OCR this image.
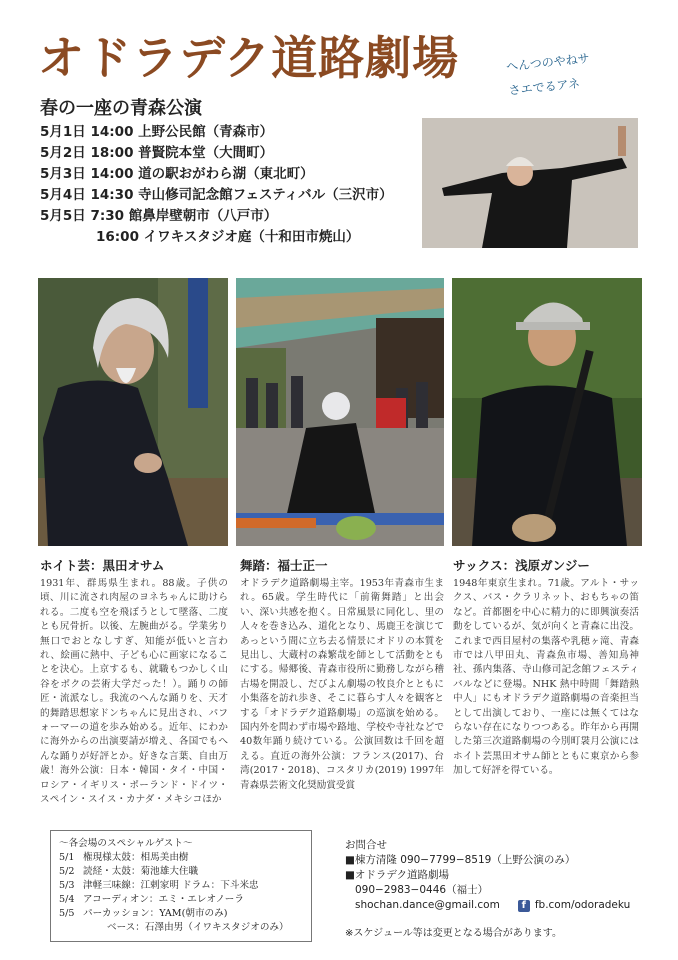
オドラデク道路劇場	へんつのやねサ
さエでるアネ
春の一座の青森公演
5月1日 14:00 上野公民館（青森市）
5月2日 18:00 普賢院本堂（大間町）
5月3日 14:00 道の駅おがわら湖（東北町）
5月4日 14:30 寺山修司記念館フェスティバル（三沢市）
5月5日 7:30 館鼻岸壁朝市（八戸市）
16:00 イワキスタジオ庭（十和田市焼山）
ホイト芸：黒田オサム

1931年、群馬県生まれ。88歳。子供の頃、川に流され肉屋のヨネちゃんに助けられる。二度も空を飛ぼうとして墜落、二度とも尻骨折。以後、左腕曲がる。学業劣り無口でおとなしすぎ、知能が低いと言われ、絵画に熱中、子ども心に画家になることを決心。上京するも、就職もつかしく山谷をボクの芸術大学だった！）。踊りの師匠・流派なし。我流のへんな踊りを、天才的舞踏思想家ドンちゃんに見出され、パフォーマーの道を歩み始める。近年、にわかに海外からの出演要請が増え、各国でもへんな踊りが好評とか。好きな言葉、自由万歳！海外公演：日本・韓国・タイ・中国・ロシア・イギリス・ポーランド・ドイツ・スペイン・スイス・カナダ・メキシコほか

舞踏：福士正一

オドラデク道路劇場主宰。1953年青森市生まれ。65歳。学生時代に「前衛舞踏」と出会い、深い共感を抱く。日常風景に同化し、里の人々を巻き込み、道化となり、馬鹿王を演じてあっという間に立ち去る情景にオドリの本質を見出し、大蔵村の森繁哉を師として活動をともにする。帰郷後、青森市役所に勤務しながら稽古場を開設し、だびよん劇場の牧良介とともに小集落を訪れ歩き、そこに暮らす人々を観客とする「オドラデク道路劇場」の巡演を始める。国内外を問わず市場や路地、学校や寺社などで40数年踊り続けている。公演回数は千回を超える。直近の海外公演：フランス(2017)、台湾(2017・2018)、コスタリカ(2019) 1997年青森県芸術文化奨励賞受賞

サックス：浅原ガンジー

1948年東京生まれ。71歳。アルト・サックス、バス・クラリネット、おもちゃの笛など。首都圏を中心に精力的に即興演奏活動をしているが、気が向くと青森に出没。これまで西目屋村の集落や乳穂ヶ滝、青森市では八甲田丸、青森魚市場、善知鳥神社、孫内集落、寺山修司記念館フェスティバルなどに登場。NHK 熱中時間「舞踏熱中人」にもオドラデク道路劇場の音楽担当として出演しており、一座には無くてはならない存在になりつつある。昨年から再開した第三次道路劇場の今別町袰月公演にはホイト芸黒田オサム師とともに東京から参加して好評を得ている。

〜各会場のスペシャルゲスト〜
5/1 権現様太鼓：相馬美由樹
5/2 読経・太鼓：菊池雄大住職
5/3 津軽三味線：江剌家明 ドラム：下斗米忠
5/4 アコーディオン：エミ・エレオノーラ
5/5 パーカッション：YAM(朝市のみ)
ベース：石澤由男（イワキスタジオのみ）
お問合せ
■棟方清隆 090−7799−8519（上野公演のみ）
■オドラデク道路劇場
090−2983−0446（福士）
shochan.dance@gmail.com	f fb.com/odoradeku
※スケジュール等は変更となる場合があります。
